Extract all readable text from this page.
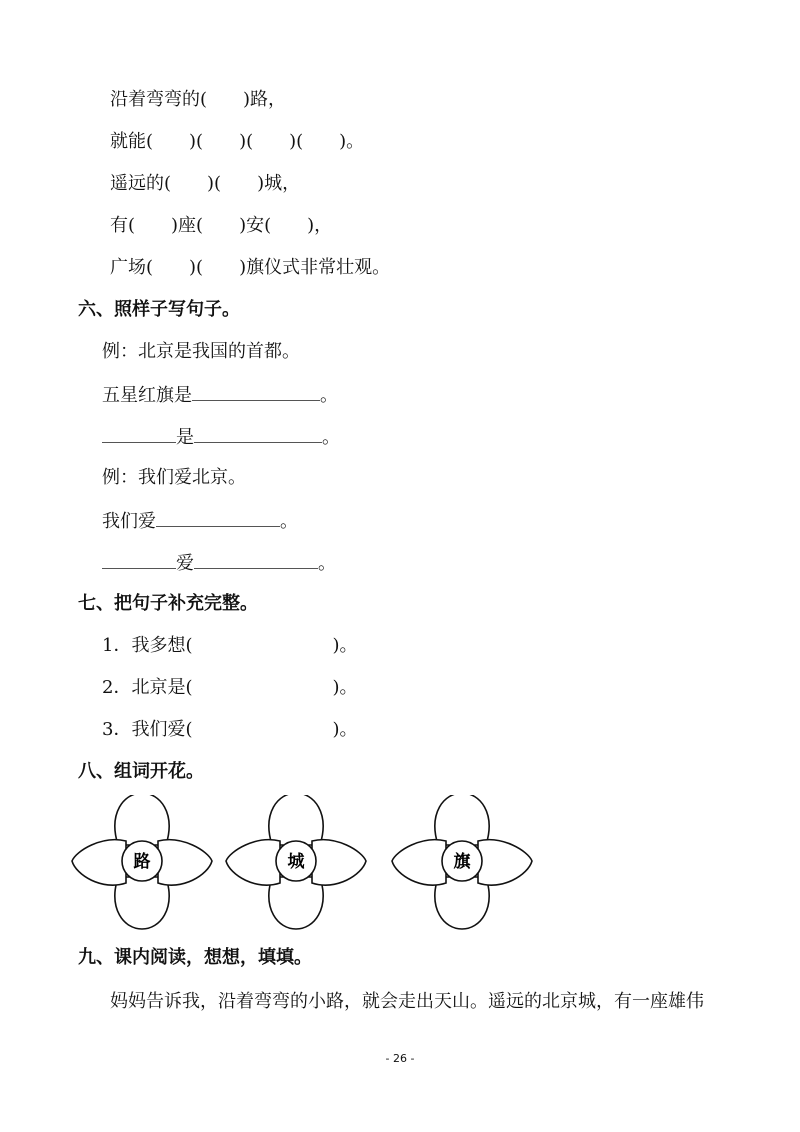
沿着弯弯的(　　)路，
就能(　　)(　　)(　　)(　　)。
遥远的(　　)(　　)城，
有(　　)座(　　)安(　　)，
广场(　　)(　　)旗仪式非常壮观。
六、照样子写句子。
例：北京是我国的首都。
五星红旗是	。
是	。
例：我们爱北京。
我们爱	。
爱	。
七、把句子补充完整。
1．我多想(	)。
2．北京是(	)。
3．我们爱(	)。
八、组词开花。
路	城	旗
九、课内阅读，想想，填填。
妈妈告诉我，沿着弯弯的小路，就会走出天山。遥远的北京城，有一座雄伟
- 26 -
